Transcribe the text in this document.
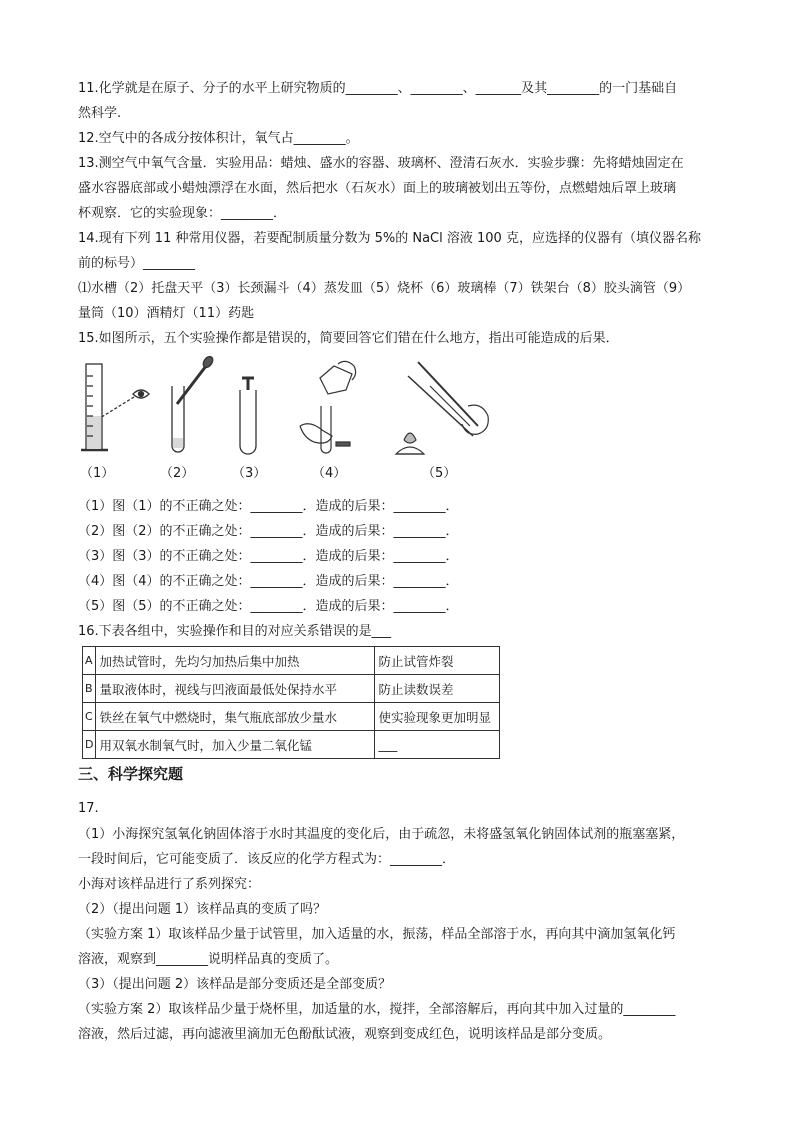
11.化学就是在原子、分子的水平上研究物质的________、________、_______及其________的一门基础自
然科学.
12.空气中的各成分按体积计，氧气占________。
13.测空气中氧气含量．实验用品：蜡烛、盛水的容器、玻璃杯、澄清石灰水．实验步骤：先将蜡烛固定在
盛水容器底部或小蜡烛漂浮在水面，然后把水（石灰水）面上的玻璃被划出五等份，点燃蜡烛后罩上玻璃
杯观察．它的实验现象：________．
14.现有下列 11 种常用仪器，若要配制质量分数为 5%的 NaCl 溶液 100 克，应选择的仪器有（填仪器名称
前的标号）________
⑴水槽（2）托盘天平（3）长颈漏斗（4）蒸发皿（5）烧杯（6）玻璃棒（7）铁架台（8）胶头滴管（9）
量筒（10）酒精灯（11）药匙
15.如图所示，五个实验操作都是错误的，简要回答它们错在什么地方，指出可能造成的后果．
（1）	（2）	（3）	（4）	（5）
（1）图（1）的不正确之处：________．造成的后果：________．
（2）图（2）的不正确之处：________．造成的后果：________．
（3）图（3）的不正确之处：________．造成的后果：________．
（4）图（4）的不正确之处：________．造成的后果：________．
（5）图（5）的不正确之处：________．造成的后果：________．
16.下表各组中，实验操作和目的对应关系错误的是___
A	加热试管时，先均匀加热后集中加热	防止试管炸裂
B	量取液体时，视线与凹液面最低处保持水平	防止读数误差
C	铁丝在氧气中燃烧时，集气瓶底部放少量水	使实验现象更加明显
D	用双氧水制氧气时，加入少量二氧化锰	___
三、科学探究题
17.
（1）小海探究氢氧化钠固体溶于水时其温度的变化后，由于疏忽，未将盛氢氧化钠固体试剂的瓶塞塞紧，
一段时间后，它可能变质了．该反应的化学方程式为：________．
小海对该样品进行了系列探究：
（2）（提出问题 1）该样品真的变质了吗？
（实验方案 1）取该样品少量于试管里，加入适量的水，振荡，样品全部溶于水，再向其中滴加氢氧化钙
溶液，观察到________说明样品真的变质了。
（3）（提出问题 2）该样品是部分变质还是全部变质？
（实验方案 2）取该样品少量于烧杯里，加适量的水，搅拌，全部溶解后，再向其中加入过量的________
溶液，然后过滤，再向滤液里滴加无色酚酞试液，观察到变成红色，说明该样品是部分变质。
